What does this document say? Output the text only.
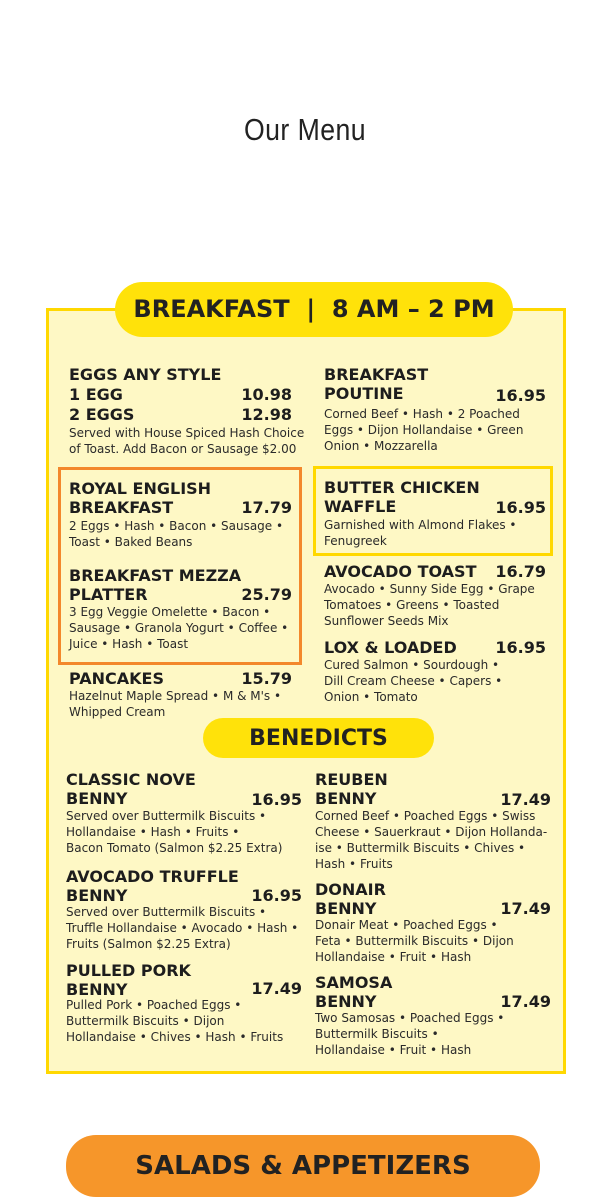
Our Menu
BREAKFAST  |  8 AM – 2 PM
EGGS ANY STYLE
1 EGG	10.98
2 EGGS	12.98
Served with House Spiced Hash Choice
of Toast. Add Bacon or Sausage $2.00
ROYAL ENGLISH
BREAKFAST	17.79
2 Eggs • Hash • Bacon • Sausage •
Toast • Baked Beans
BREAKFAST MEZZA
PLATTER	25.79
3 Egg Veggie Omelette • Bacon •
Sausage • Granola Yogurt • Coffee •
Juice • Hash • Toast
PANCAKES	15.79
Hazelnut Maple Spread • M & M's •
Whipped Cream
BREAKFAST
POUTINE	16.95
Corned Beef • Hash • 2 Poached
Eggs • Dijon Hollandaise • Green
Onion • Mozzarella
BUTTER CHICKEN
WAFFLE	16.95
Garnished with Almond Flakes •
Fenugreek
AVOCADO TOAST	16.79
Avocado • Sunny Side Egg • Grape
Tomatoes • Greens • Toasted
Sunflower Seeds Mix
LOX & LOADED	16.95
Cured Salmon • Sourdough •
Dill Cream Cheese • Capers •
Onion • Tomato
BENEDICTS
CLASSIC NOVE
BENNY	16.95
Served over Buttermilk Biscuits •
Hollandaise • Hash • Fruits •
Bacon Tomato (Salmon $2.25 Extra)
AVOCADO TRUFFLE
BENNY	16.95
Served over Buttermilk Biscuits •
Truffle Hollandaise • Avocado • Hash •
Fruits (Salmon $2.25 Extra)
PULLED PORK
BENNY	17.49
Pulled Pork • Poached Eggs •
Buttermilk Biscuits • Dijon
Hollandaise • Chives • Hash • Fruits
REUBEN
BENNY	17.49
Corned Beef • Poached Eggs • Swiss
Cheese • Sauerkraut • Dijon Hollanda-
ise • Buttermilk Biscuits • Chives •
Hash • Fruits
DONAIR
BENNY	17.49
Donair Meat • Poached Eggs •
Feta • Buttermilk Biscuits • Dijon
Hollandaise • Fruit • Hash
SAMOSA
BENNY	17.49
Two Samosas • Poached Eggs •
Buttermilk Biscuits •
Hollandaise • Fruit • Hash
SALADS & APPETIZERS
